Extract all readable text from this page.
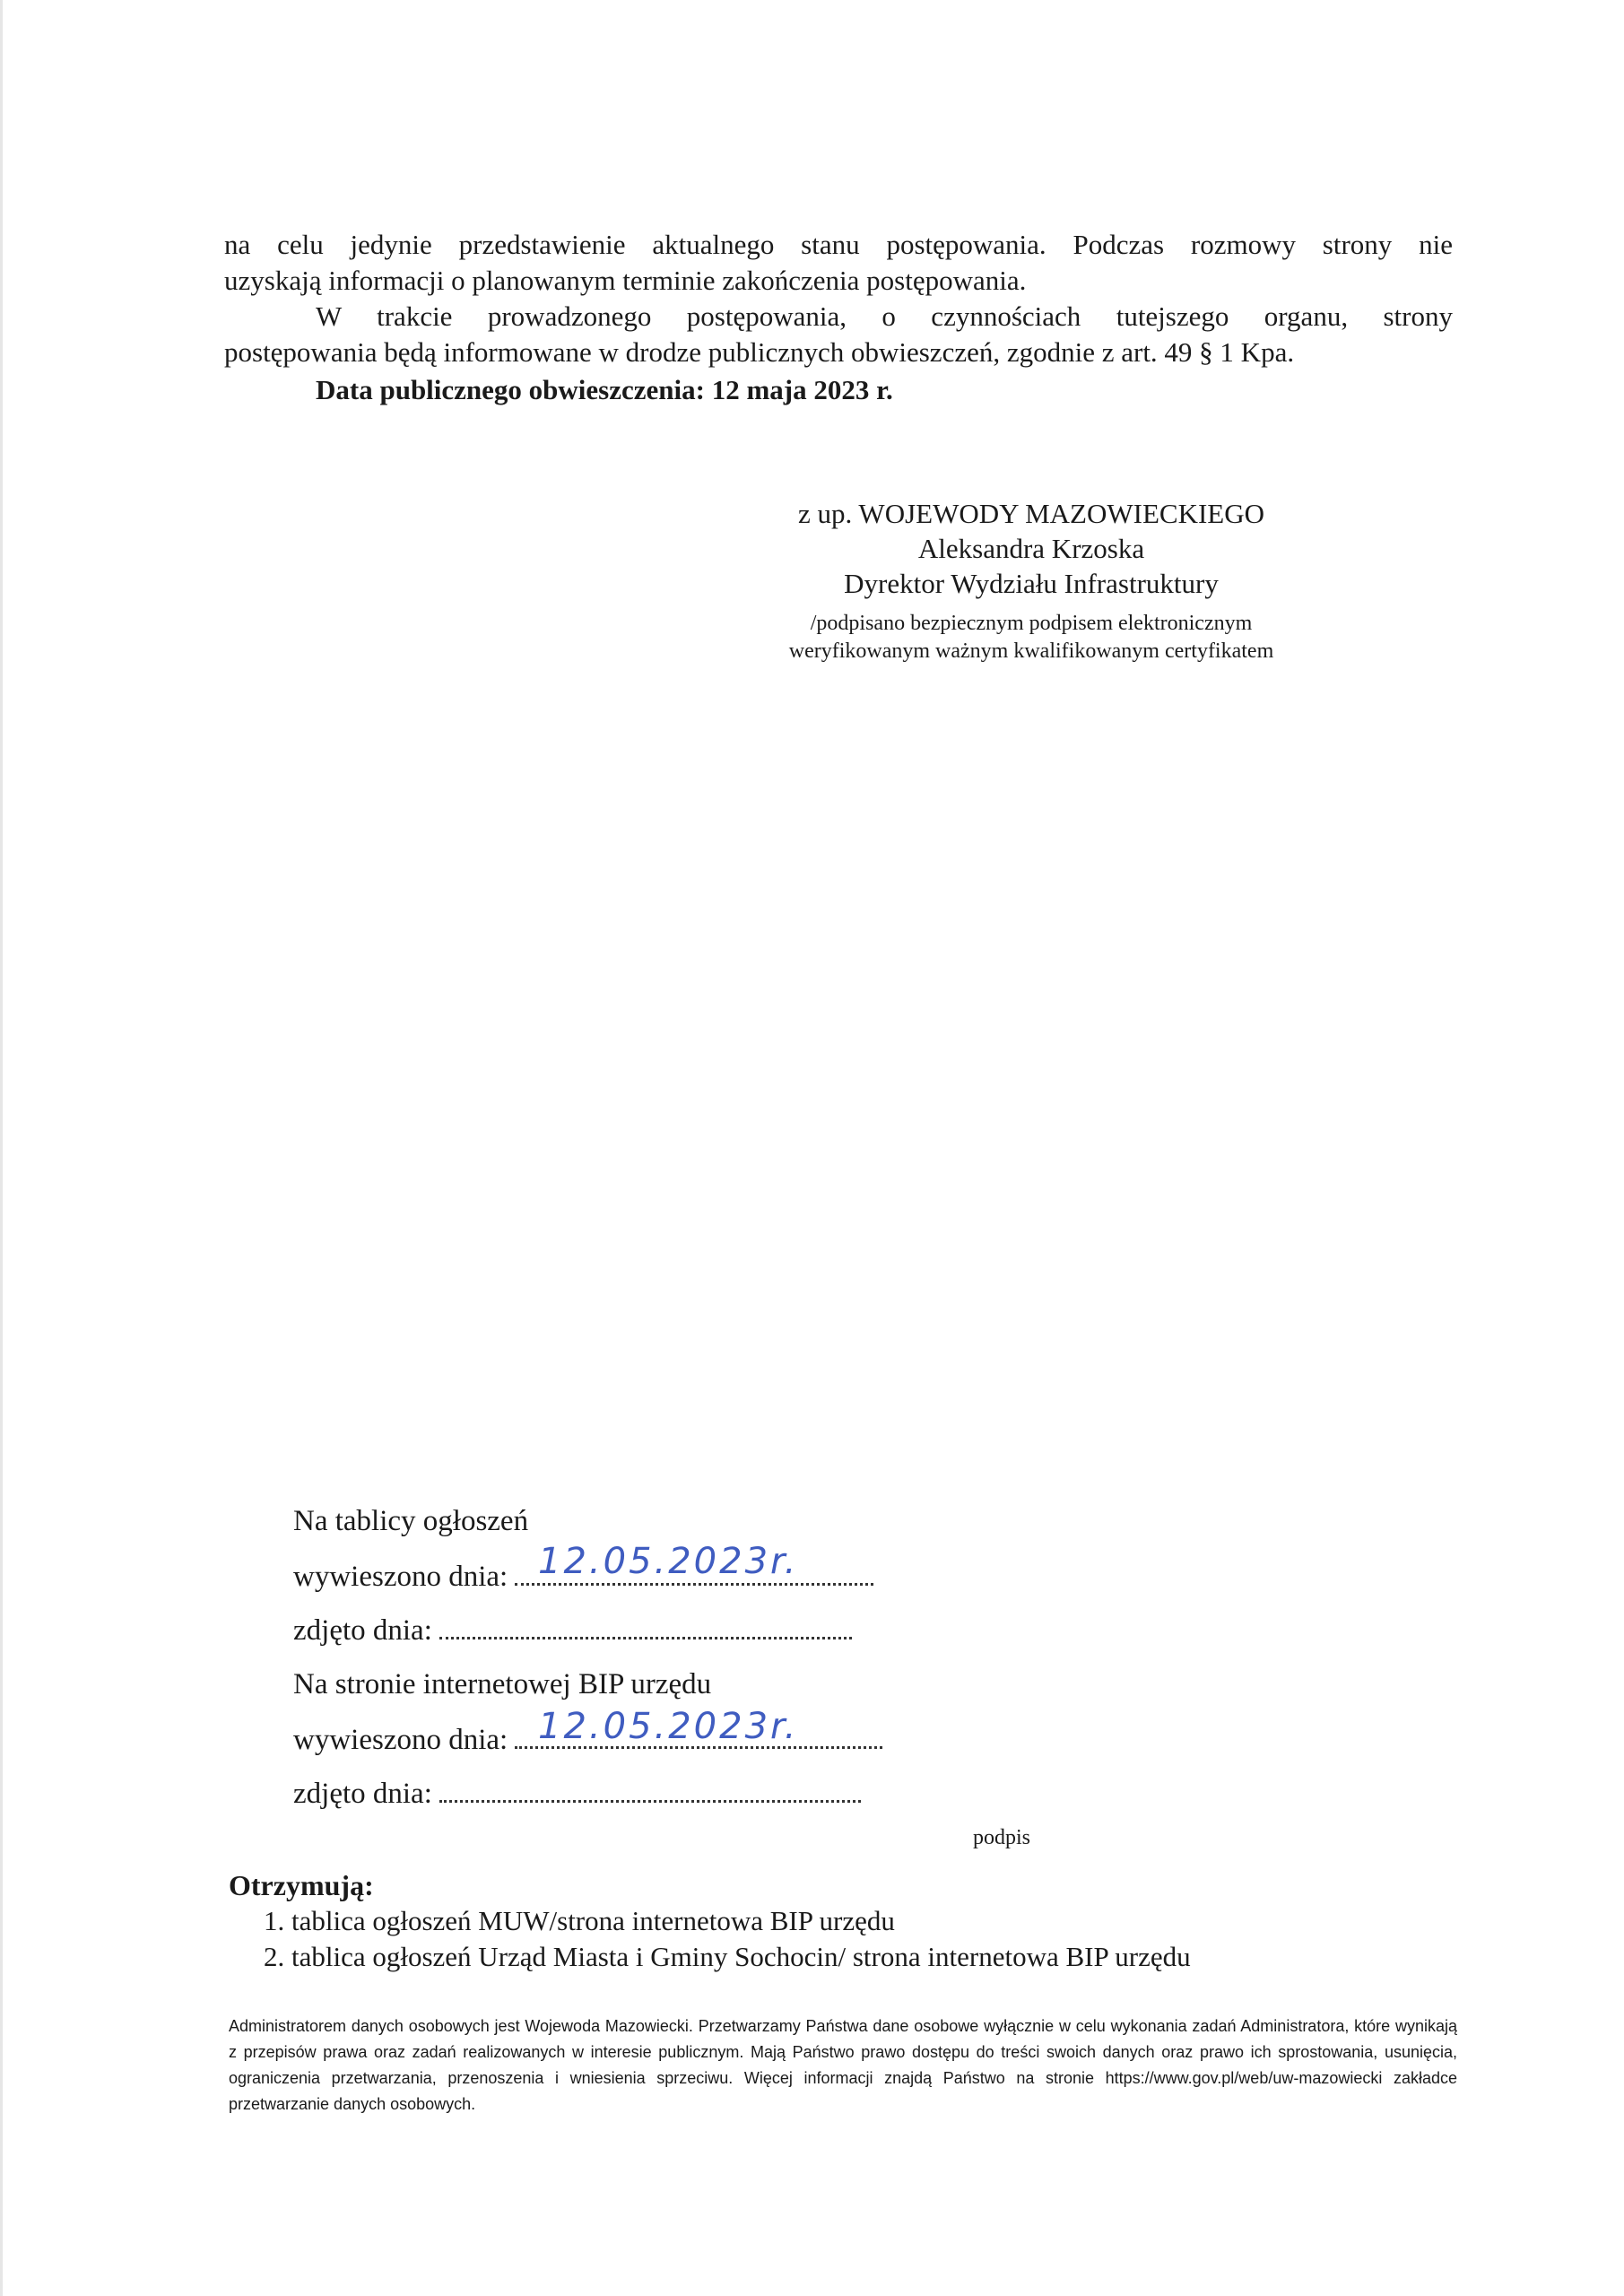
na celu jedynie przedstawienie aktualnego stanu postępowania. Podczas rozmowy strony nie
uzyskają informacji o planowanym terminie zakończenia postępowania.
W trakcie prowadzonego postępowania, o czynnościach tutejszego organu, strony
postępowania będą informowane w drodze publicznych obwieszczeń, zgodnie z art. 49 § 1 Kpa.
Data publicznego obwieszczenia: 12 maja 2023 r.
z up. WOJEWODY MAZOWIECKIEGO
Aleksandra Krzoska
Dyrektor Wydziału Infrastruktury
/podpisano bezpiecznym podpisem elektronicznym
weryfikowanym ważnym kwalifikowanym certyfikatem
Na tablicy ogłoszeń
wywieszono dnia:
zdjęto dnia:
Na stronie internetowej BIP urzędu
wywieszono dnia:
zdjęto dnia:
12.05.2023r.
12.05.2023r.
podpis
Otrzymują:
1. tablica ogłoszeń MUW/strona internetowa BIP urzędu
2. tablica ogłoszeń Urząd Miasta i Gminy Sochocin/ strona internetowa BIP urzędu
Administratorem danych osobowych jest Wojewoda Mazowiecki. Przetwarzamy Państwa dane osobowe wyłącznie w celu wykonania zadań Administratora, które wynikają z przepisów prawa oraz zadań realizowanych w interesie publicznym. Mają Państwo prawo dostępu do treści swoich danych oraz prawo ich sprostowania, usunięcia, ograniczenia przetwarzania, przenoszenia i wniesienia sprzeciwu. Więcej informacji znajdą Państwo na stronie https://www.gov.pl/web/uw-mazowiecki zakładce przetwarzanie danych osobowych.
